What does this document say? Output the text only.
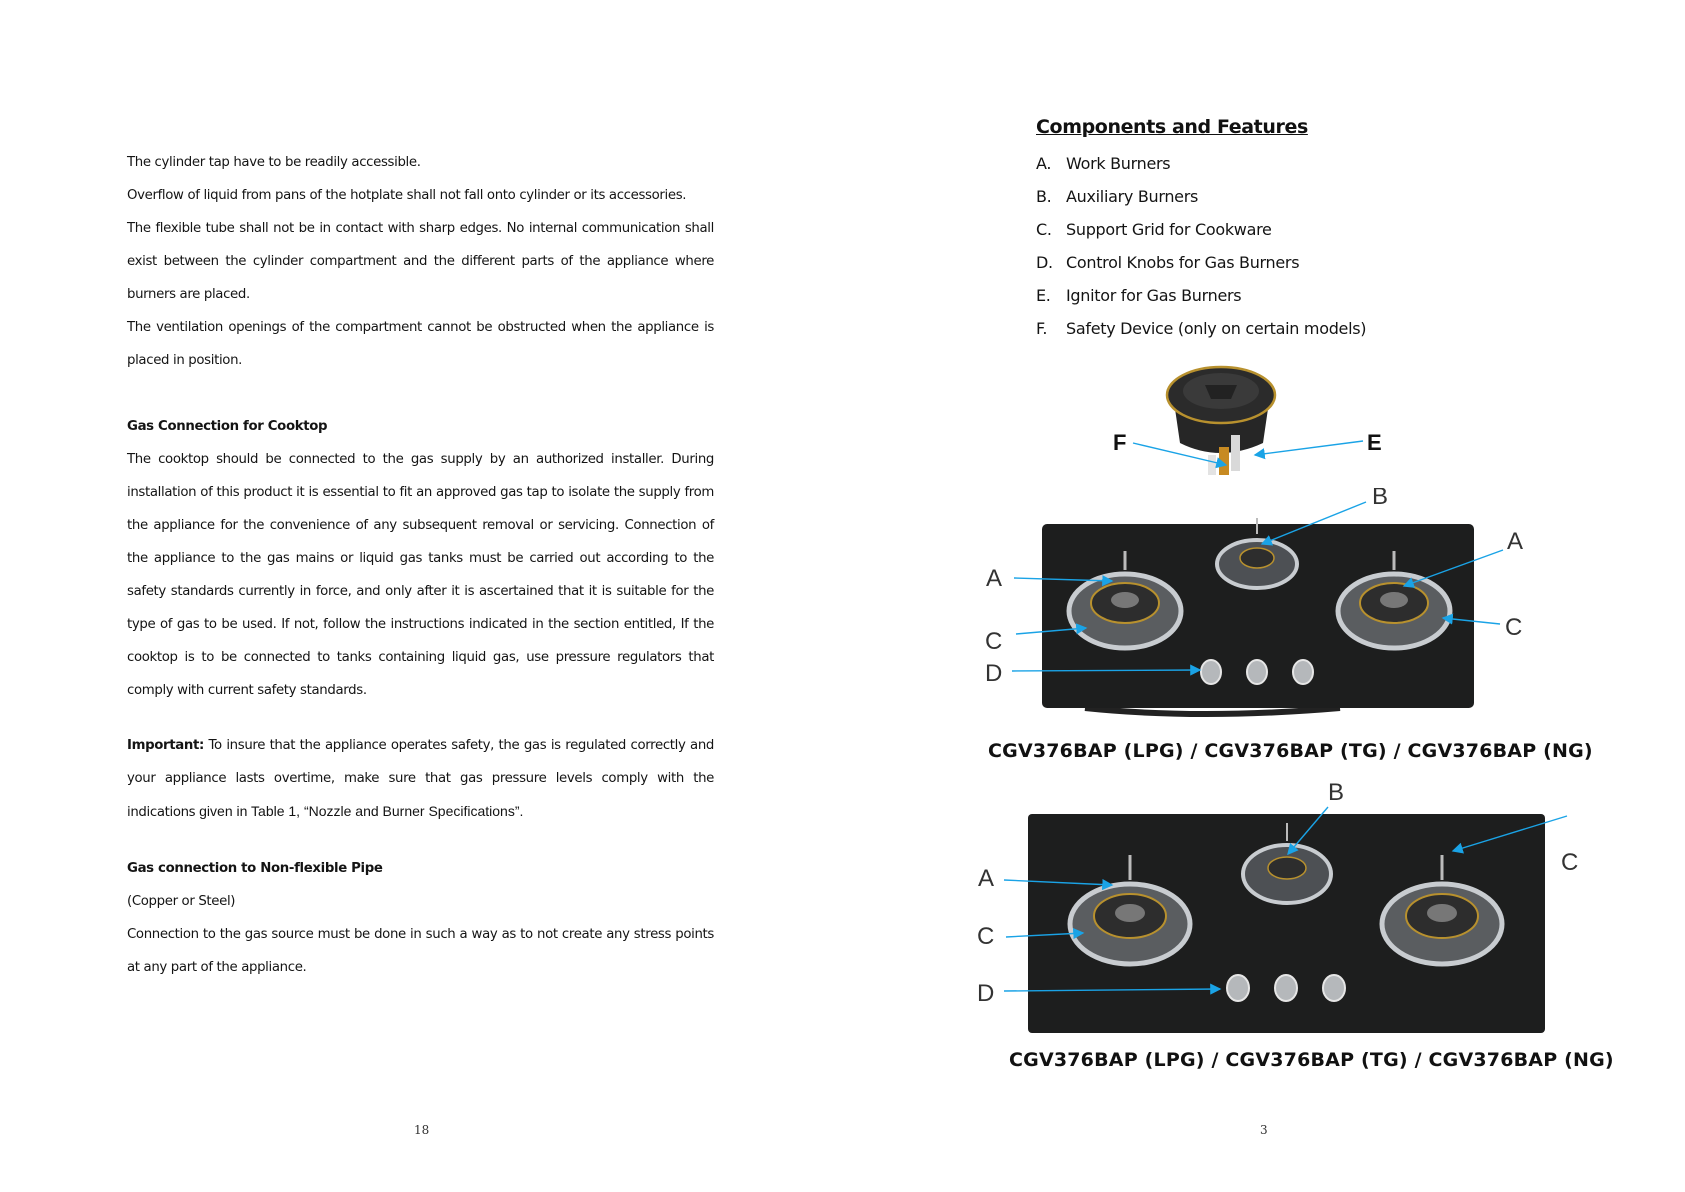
The cylinder tap have to be readily accessible.

Overflow of liquid from pans of the hotplate shall not fall onto cylinder or its accessories.

The flexible tube shall not be in contact with sharp edges. No internal communication shall exist between the cylinder compartment and the different parts of the appliance where burners are placed.

The ventilation openings of the compartment cannot be obstructed when the appliance is placed in position.

Gas Connection for Cooktop

The cooktop should be connected to the gas supply by an authorized installer. During installation of this product it is essential to fit an approved gas tap to isolate the supply from the appliance for the convenience of any subsequent removal or servicing. Connection of the appliance to the gas mains or liquid gas tanks must be carried out according to the safety standards currently in force, and only after it is ascertained that it is suitable for the type of gas to be used. If not, follow the instructions indicated in the section entitled, If the cooktop is to be connected to tanks containing liquid gas, use pressure regulators that comply with current safety standards.

Important: To insure that the appliance operates safety, the gas is regulated correctly and your appliance lasts overtime, make sure that gas pressure levels comply with the indications given in Table 1, “Nozzle and Burner Specifications”.

Gas connection to Non-flexible Pipe

(Copper or Steel)

Connection to the gas source must be done in such a way as to not create any stress points at any part of the appliance.

18
Components and Features
A. Work Burners
B. Auxiliary Burners
C. Support Grid for Cookware
D. Control Knobs for Gas Burners
E. Ignitor for Gas Burners
F. Safety Device (only on certain models)
F	E
B
A
A
C
C
D
CGV376BAP (LPG) / CGV376BAP (TG) / CGV376BAP (NG)
B
A
C
C
D
CGV376BAP (LPG) / CGV376BAP (TG) / CGV376BAP (NG)
3
